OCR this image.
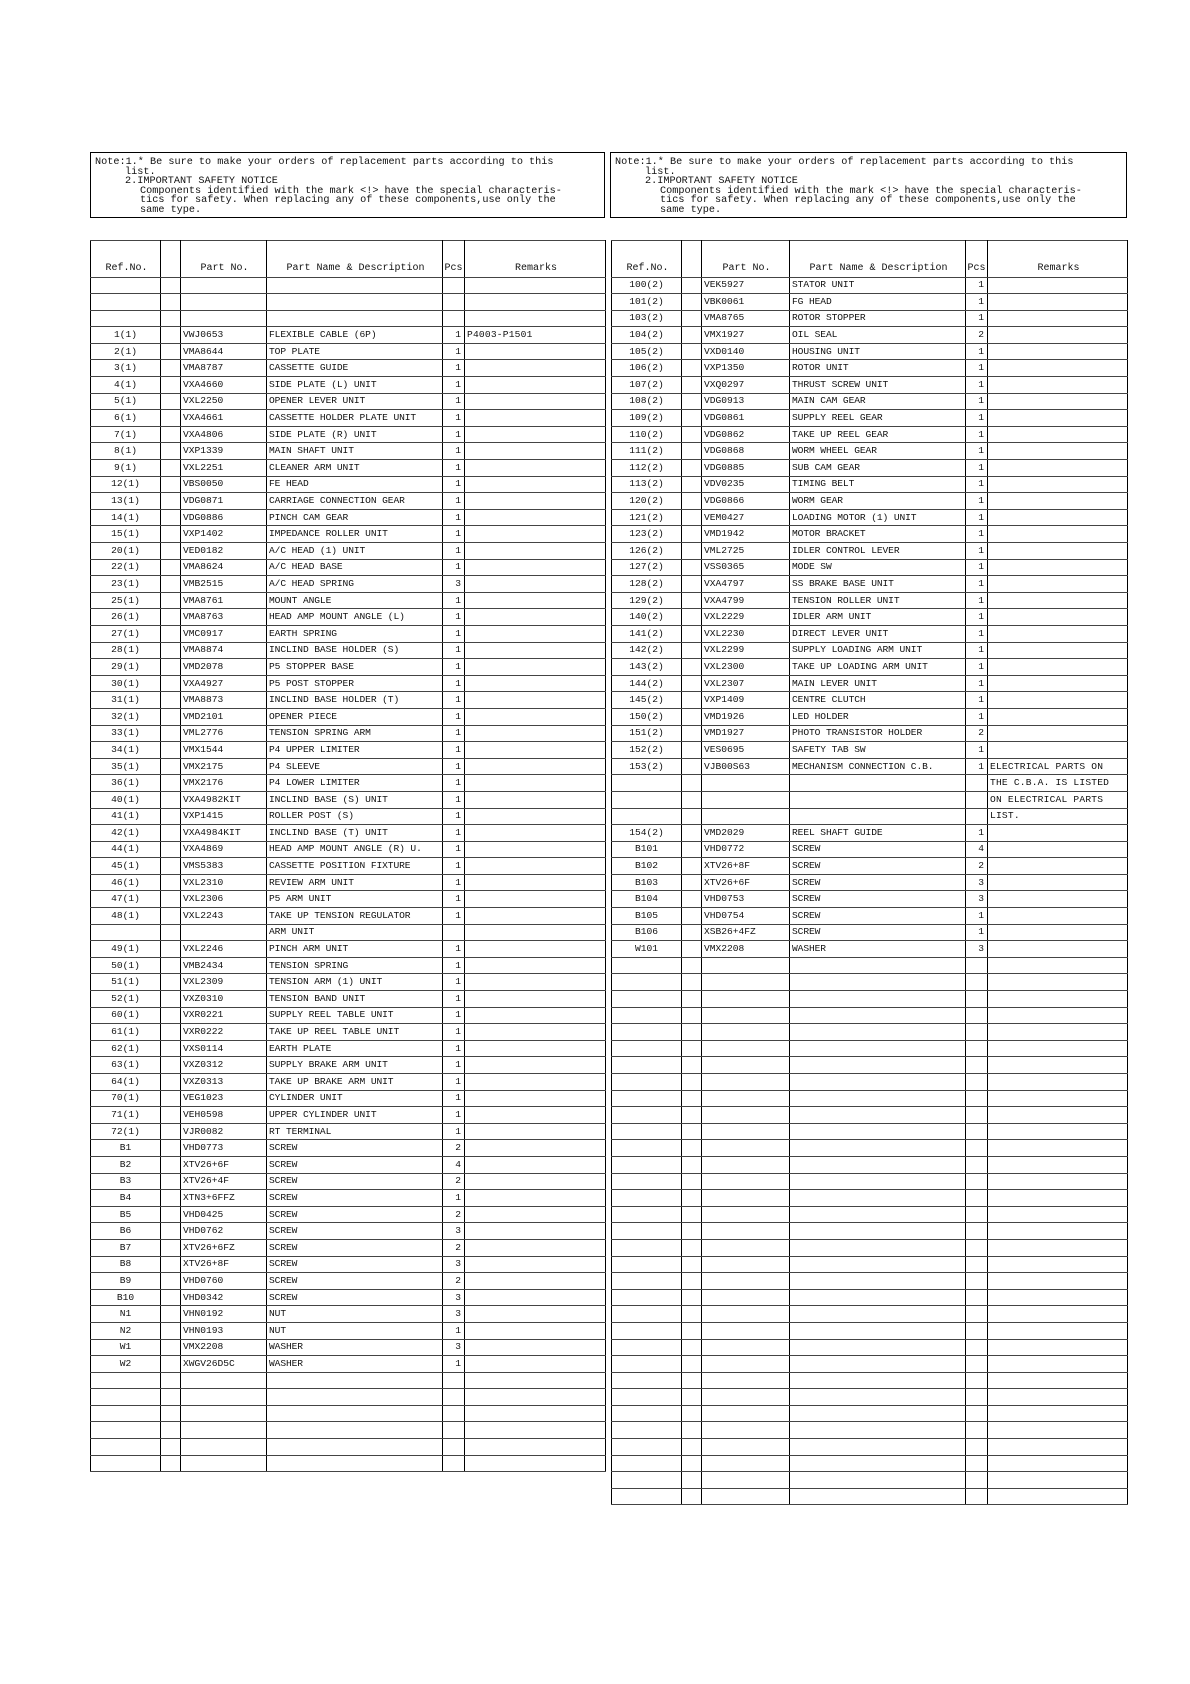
Note:1.* Be sure to make your orders of replacement parts according to this

list.

2.IMPORTANT SAFETY NOTICE

Components identified with the mark <!> have the special characteris-

tics for safety. When replacing any of these components,use only the

same type.

Note:1.* Be sure to make your orders of replacement parts according to this

list.

2.IMPORTANT SAFETY NOTICE

Components identified with the mark <!> have the special characteris-

tics for safety. When replacing any of these components,use only the

same type.

Ref.No.		Part No.	Part Name & Description	Pcs	Remarks

1(1)		VWJ0653	FLEXIBLE CABLE (6P)	1	P4003-P1501
2(1)		VMA8644	TOP PLATE	1	
3(1)		VMA8787	CASSETTE GUIDE	1	
4(1)		VXA4660	SIDE PLATE (L) UNIT	1	
5(1)		VXL2250	OPENER LEVER UNIT	1	
6(1)		VXA4661	CASSETTE HOLDER PLATE UNIT	1	
7(1)		VXA4806	SIDE PLATE (R) UNIT	1	
8(1)		VXP1339	MAIN SHAFT UNIT	1	
9(1)		VXL2251	CLEANER ARM UNIT	1	
12(1)		VBS0050	FE HEAD	1	
13(1)		VDG0871	CARRIAGE CONNECTION GEAR	1	
14(1)		VDG0886	PINCH CAM GEAR	1	
15(1)		VXP1402	IMPEDANCE ROLLER UNIT	1	
20(1)		VED0182	A/C HEAD (1) UNIT	1	
22(1)		VMA8624	A/C HEAD BASE	1	
23(1)		VMB2515	A/C HEAD SPRING	3	
25(1)		VMA8761	MOUNT ANGLE	1	
26(1)		VMA8763	HEAD AMP MOUNT ANGLE (L)	1	
27(1)		VMC0917	EARTH SPRING	1	
28(1)		VMA8874	INCLIND BASE HOLDER (S)	1	
29(1)		VMD2078	P5 STOPPER BASE	1	
30(1)		VXA4927	P5 POST STOPPER	1	
31(1)		VMA8873	INCLIND BASE HOLDER (T)	1	
32(1)		VMD2101	OPENER PIECE	1	
33(1)		VML2776	TENSION SPRING ARM	1	
34(1)		VMX1544	P4 UPPER LIMITER	1	
35(1)		VMX2175	P4 SLEEVE	1	
36(1)		VMX2176	P4 LOWER LIMITER	1	
40(1)		VXA4982KIT	INCLIND BASE (S) UNIT	1	
41(1)		VXP1415	ROLLER POST (S)	1	
42(1)		VXA4984KIT	INCLIND BASE (T) UNIT	1	
44(1)		VXA4869	HEAD AMP MOUNT ANGLE (R) U.	1	
45(1)		VMS5383	CASSETTE POSITION FIXTURE	1	
46(1)		VXL2310	REVIEW ARM UNIT	1	
47(1)		VXL2306	P5 ARM UNIT	1	
48(1)		VXL2243	TAKE UP TENSION REGULATOR	1	
			ARM UNIT		
49(1)		VXL2246	PINCH ARM UNIT	1	
50(1)		VMB2434	TENSION SPRING	1	
51(1)		VXL2309	TENSION ARM (1) UNIT	1	
52(1)		VXZ0310	TENSION BAND UNIT	1	
60(1)		VXR0221	SUPPLY REEL TABLE UNIT	1	
61(1)		VXR0222	TAKE UP REEL TABLE UNIT	1	
62(1)		VXS0114	EARTH PLATE	1	
63(1)		VXZ0312	SUPPLY BRAKE ARM UNIT	1	
64(1)		VXZ0313	TAKE UP BRAKE ARM UNIT	1	
70(1)		VEG1023	CYLINDER UNIT	1	
71(1)		VEH0598	UPPER CYLINDER UNIT	1	
72(1)		VJR0082	RT TERMINAL	1	
B1		VHD0773	SCREW	2	
B2		XTV26+6F	SCREW	4	
B3		XTV26+4F	SCREW	2	
B4		XTN3+6FFZ	SCREW	1	
B5		VHD0425	SCREW	2	
B6		VHD0762	SCREW	3	
B7		XTV26+6FZ	SCREW	2	
B8		XTV26+8F	SCREW	3	
B9		VHD0760	SCREW	2	
B10		VHD0342	SCREW	3	
N1		VHN0192	NUT	3	
N2		VHN0193	NUT	1	
W1		VMX2208	WASHER	3	
W2		XWGV26D5C	WASHER	1	

Ref.No.		Part No.	Part Name & Description	Pcs	Remarks
100(2)		VEK5927	STATOR UNIT	1	
101(2)		VBK0061	FG HEAD	1	
103(2)		VMA8765	ROTOR STOPPER	1	
104(2)		VMX1927	OIL SEAL	2	
105(2)		VXD0140	HOUSING UNIT	1	
106(2)		VXP1350	ROTOR UNIT	1	
107(2)		VXQ0297	THRUST SCREW UNIT	1	
108(2)		VDG0913	MAIN CAM GEAR	1	
109(2)		VDG0861	SUPPLY REEL GEAR	1	
110(2)		VDG0862	TAKE UP REEL GEAR	1	
111(2)		VDG0868	WORM WHEEL GEAR	1	
112(2)		VDG0885	SUB CAM GEAR	1	
113(2)		VDV0235	TIMING BELT	1	
120(2)		VDG0866	WORM GEAR	1	
121(2)		VEM0427	LOADING MOTOR (1) UNIT	1	
123(2)		VMD1942	MOTOR BRACKET	1	
126(2)		VML2725	IDLER CONTROL LEVER	1	
127(2)		VSS0365	MODE SW	1	
128(2)		VXA4797	SS BRAKE BASE UNIT	1	
129(2)		VXA4799	TENSION ROLLER UNIT	1	
140(2)		VXL2229	IDLER ARM UNIT	1	
141(2)		VXL2230	DIRECT LEVER UNIT	1	
142(2)		VXL2299	SUPPLY LOADING ARM UNIT	1	
143(2)		VXL2300	TAKE UP LOADING ARM UNIT	1	
144(2)		VXL2307	MAIN LEVER UNIT	1	
145(2)		VXP1409	CENTRE CLUTCH	1	
150(2)		VMD1926	LED HOLDER	1	
151(2)		VMD1927	PHOTO TRANSISTOR HOLDER	2	
152(2)		VES0695	SAFETY TAB SW	1	
153(2)		VJB00S63	MECHANISM CONNECTION C.B.	1	ELECTRICAL PARTS ON
					THE C.B.A. IS LISTED
					ON ELECTRICAL PARTS
					LIST.
154(2)		VMD2029	REEL SHAFT GUIDE	1	
B101		VHD0772	SCREW	4	
B102		XTV26+8F	SCREW	2	
B103		XTV26+6F	SCREW	3	
B104		VHD0753	SCREW	3	
B105		VHD0754	SCREW	1	
B106		XSB26+4FZ	SCREW	1	
W101		VMX2208	WASHER	3	
